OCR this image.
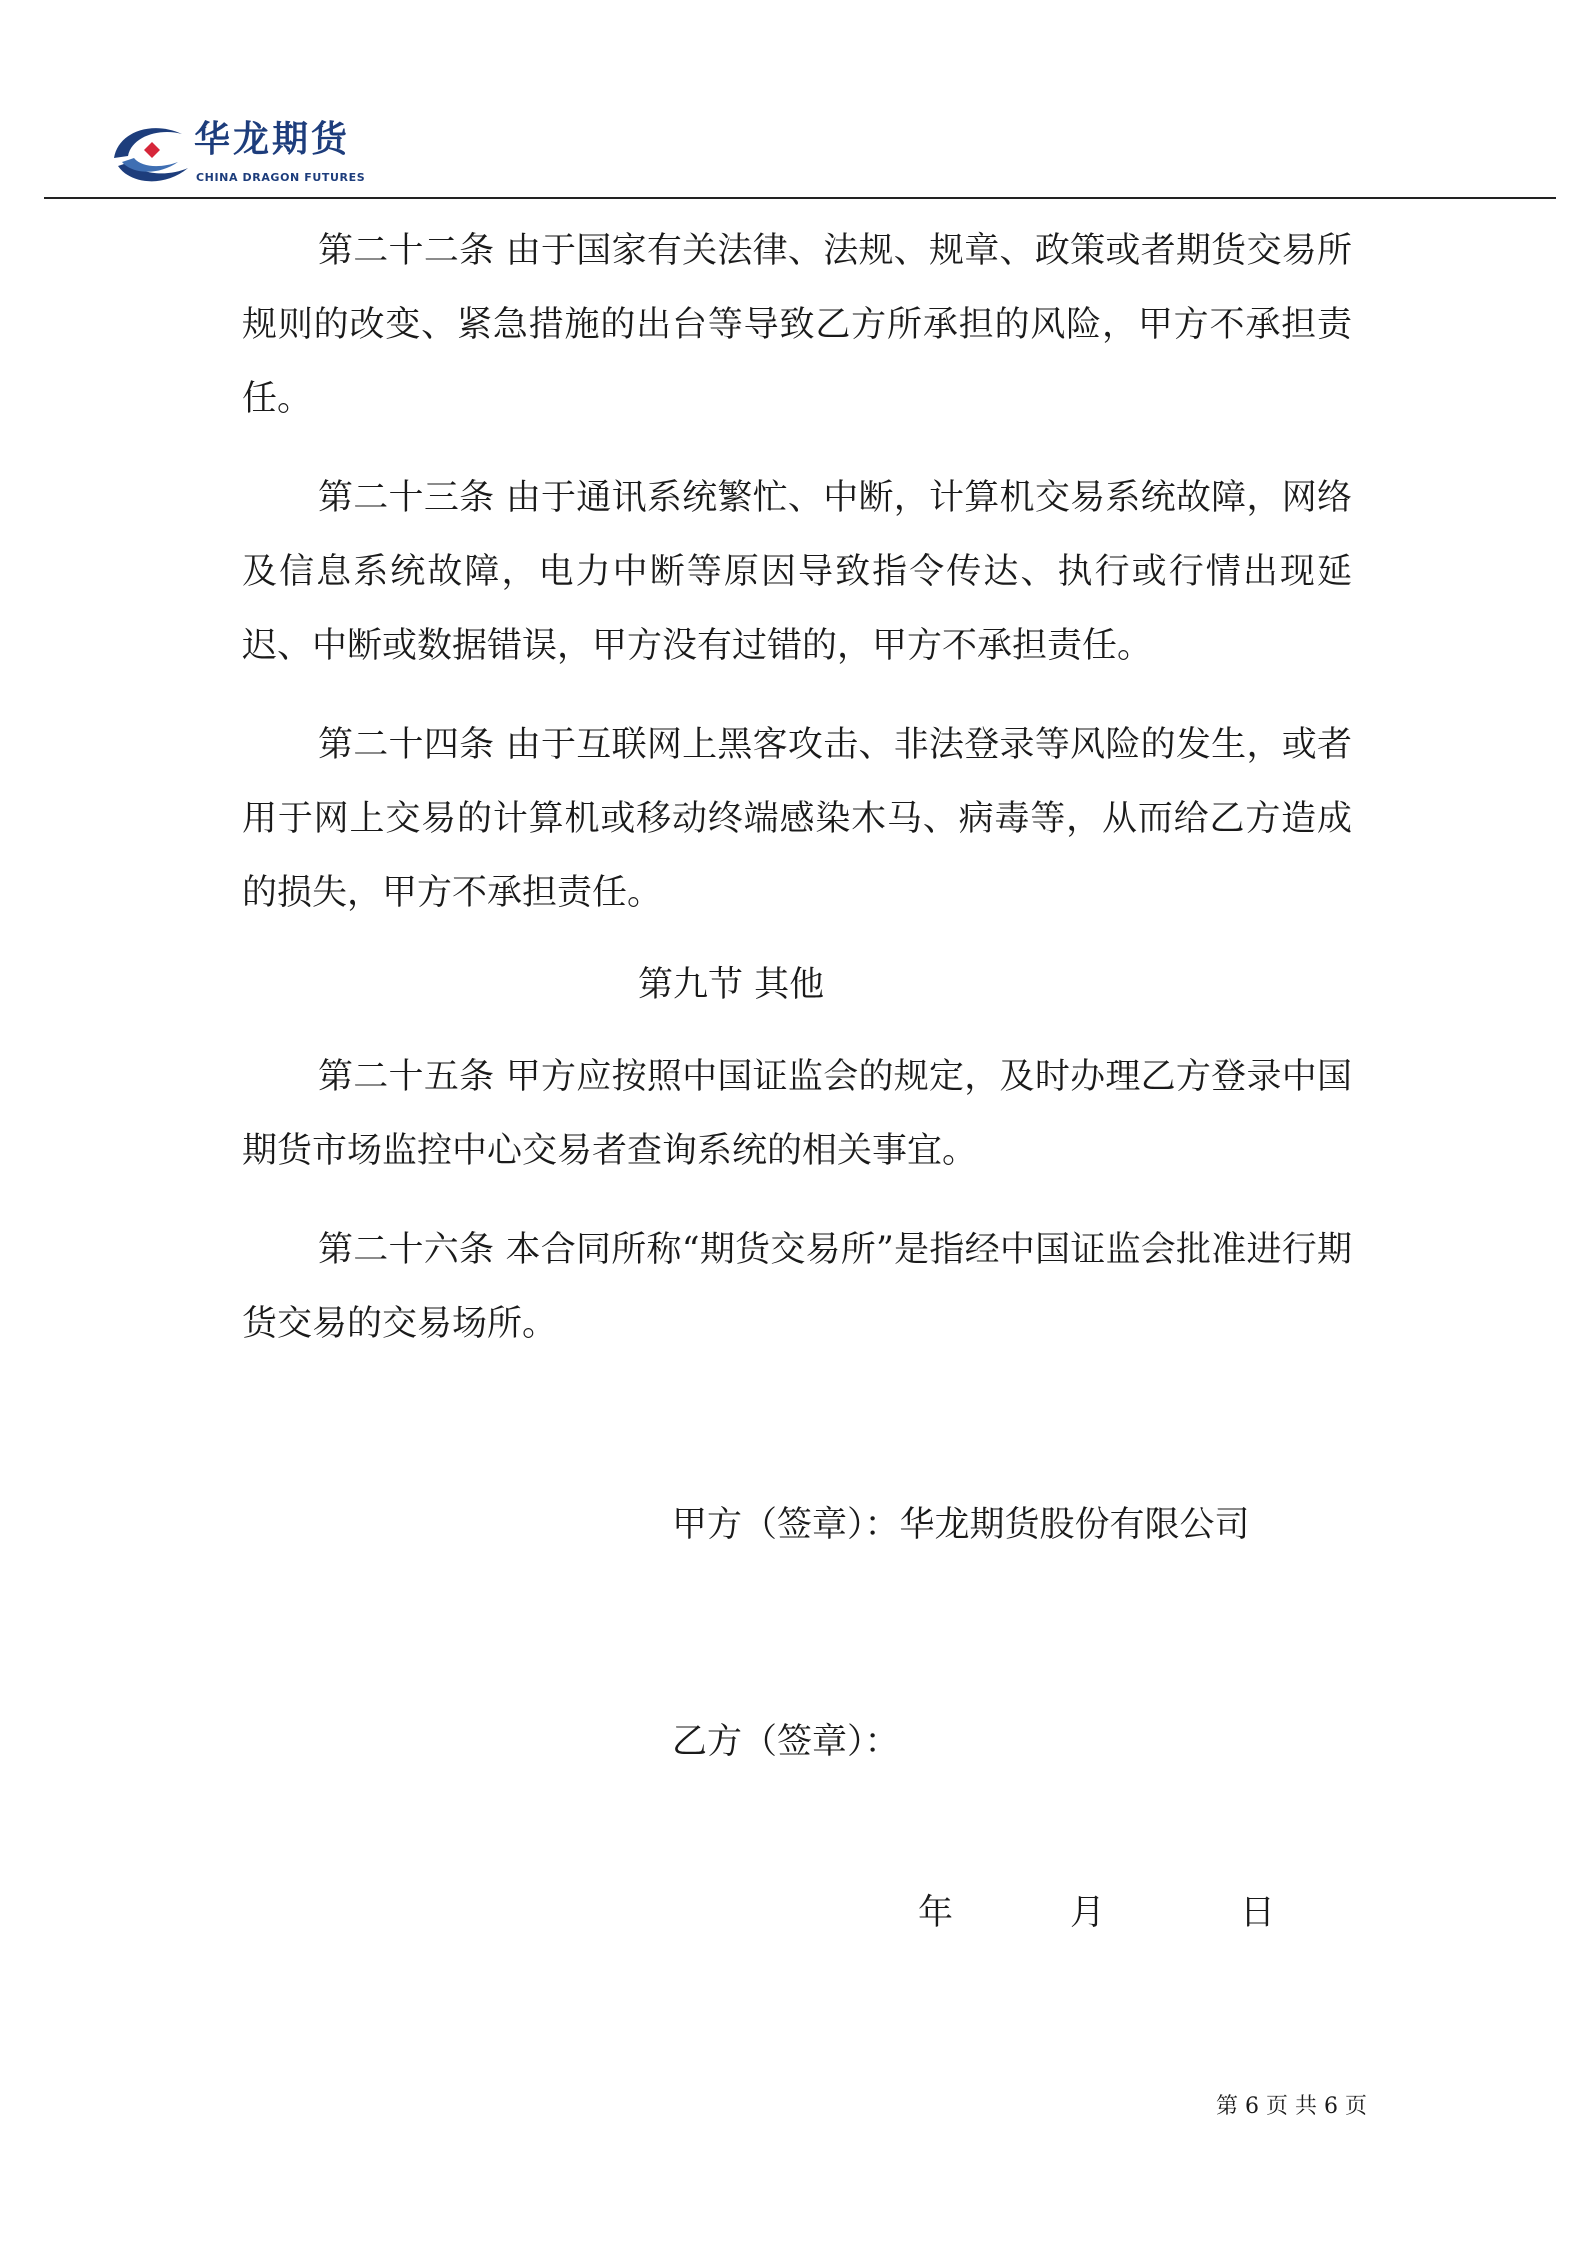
华龙期货
CHINA DRAGON FUTURES

第二十二条 由于国家有关法律、法规、规章、政策或者期货交易所规则的改变、紧急措施的出台等导致乙方所承担的风险，甲方不承担责任。

第二十三条 由于通讯系统繁忙、中断，计算机交易系统故障，网络及信息系统故障，电力中断等原因导致指令传达、执行或行情出现延迟、中断或数据错误，甲方没有过错的，甲方不承担责任。

第二十四条 由于互联网上黑客攻击、非法登录等风险的发生，或者用于网上交易的计算机或移动终端感染木马、病毒等，从而给乙方造成的损失，甲方不承担责任。

第九节 其他

第二十五条 甲方应按照中国证监会的规定，及时办理乙方登录中国期货市场监控中心交易者查询系统的相关事宜。

第二十六条 本合同所称“期货交易所”是指经中国证监会批准进行期货交易的交易场所。

甲方（签章）：华龙期货股份有限公司
乙方（签章）：
年	月	日
第 6 页 共 6 页
